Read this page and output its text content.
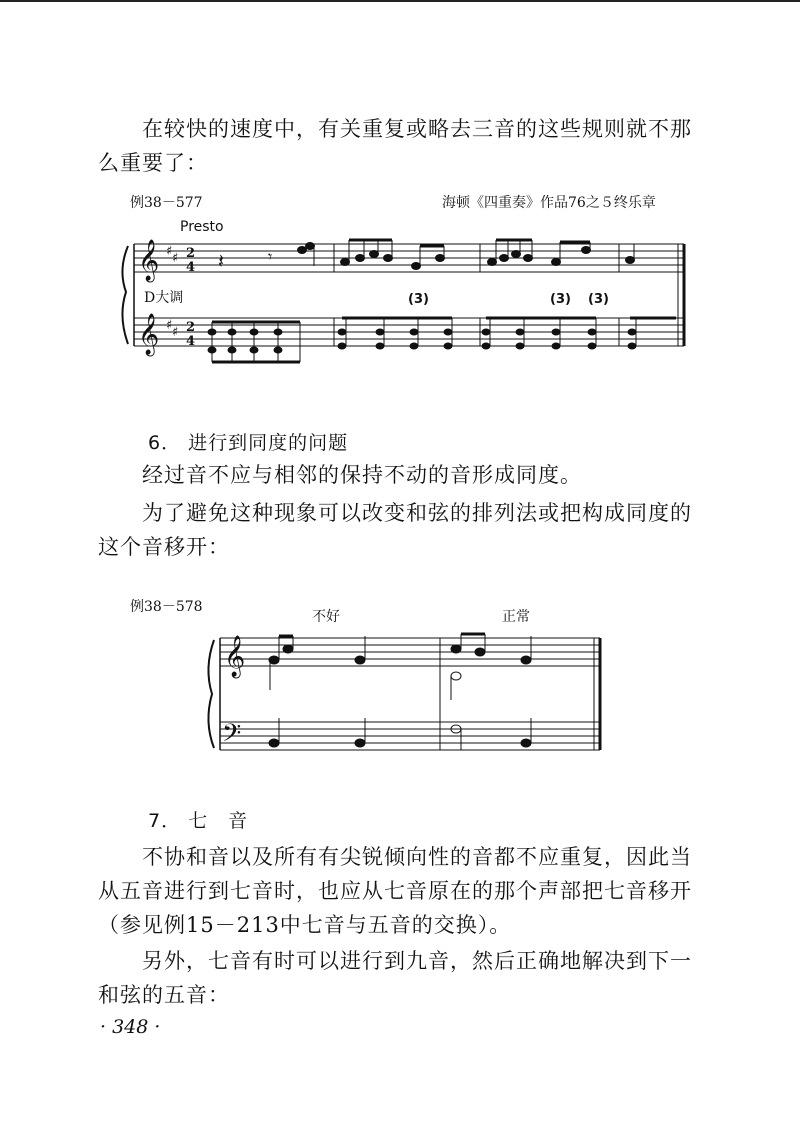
在较快的速度中，有关重复或略去三音的这些规则就不那么重要了：

例38－577	海顿《四重奏》作品76之５终乐章
Presto
D大调	(3)	(3) (3)
6． 进行到同度的问题

经过音不应与相邻的保持不动的音形成同度。

为了避免这种现象可以改变和弦的排列法或把构成同度的这个音移开：

例38－578
不好	正常
7． 七　音

不协和音以及所有有尖锐倾向性的音都不应重复，因此当从五音进行到七音时，也应从七音原在的那个声部把七音移开（参见例15－213中七音与五音的交换）。

另外，七音有时可以进行到九音，然后正确地解决到下一和弦的五音：

· 348 ·
𝄞
𝄞
♯ ♯
♯ ♯
2
4
2
4
𝄽	𝄾
𝄞
𝄢
